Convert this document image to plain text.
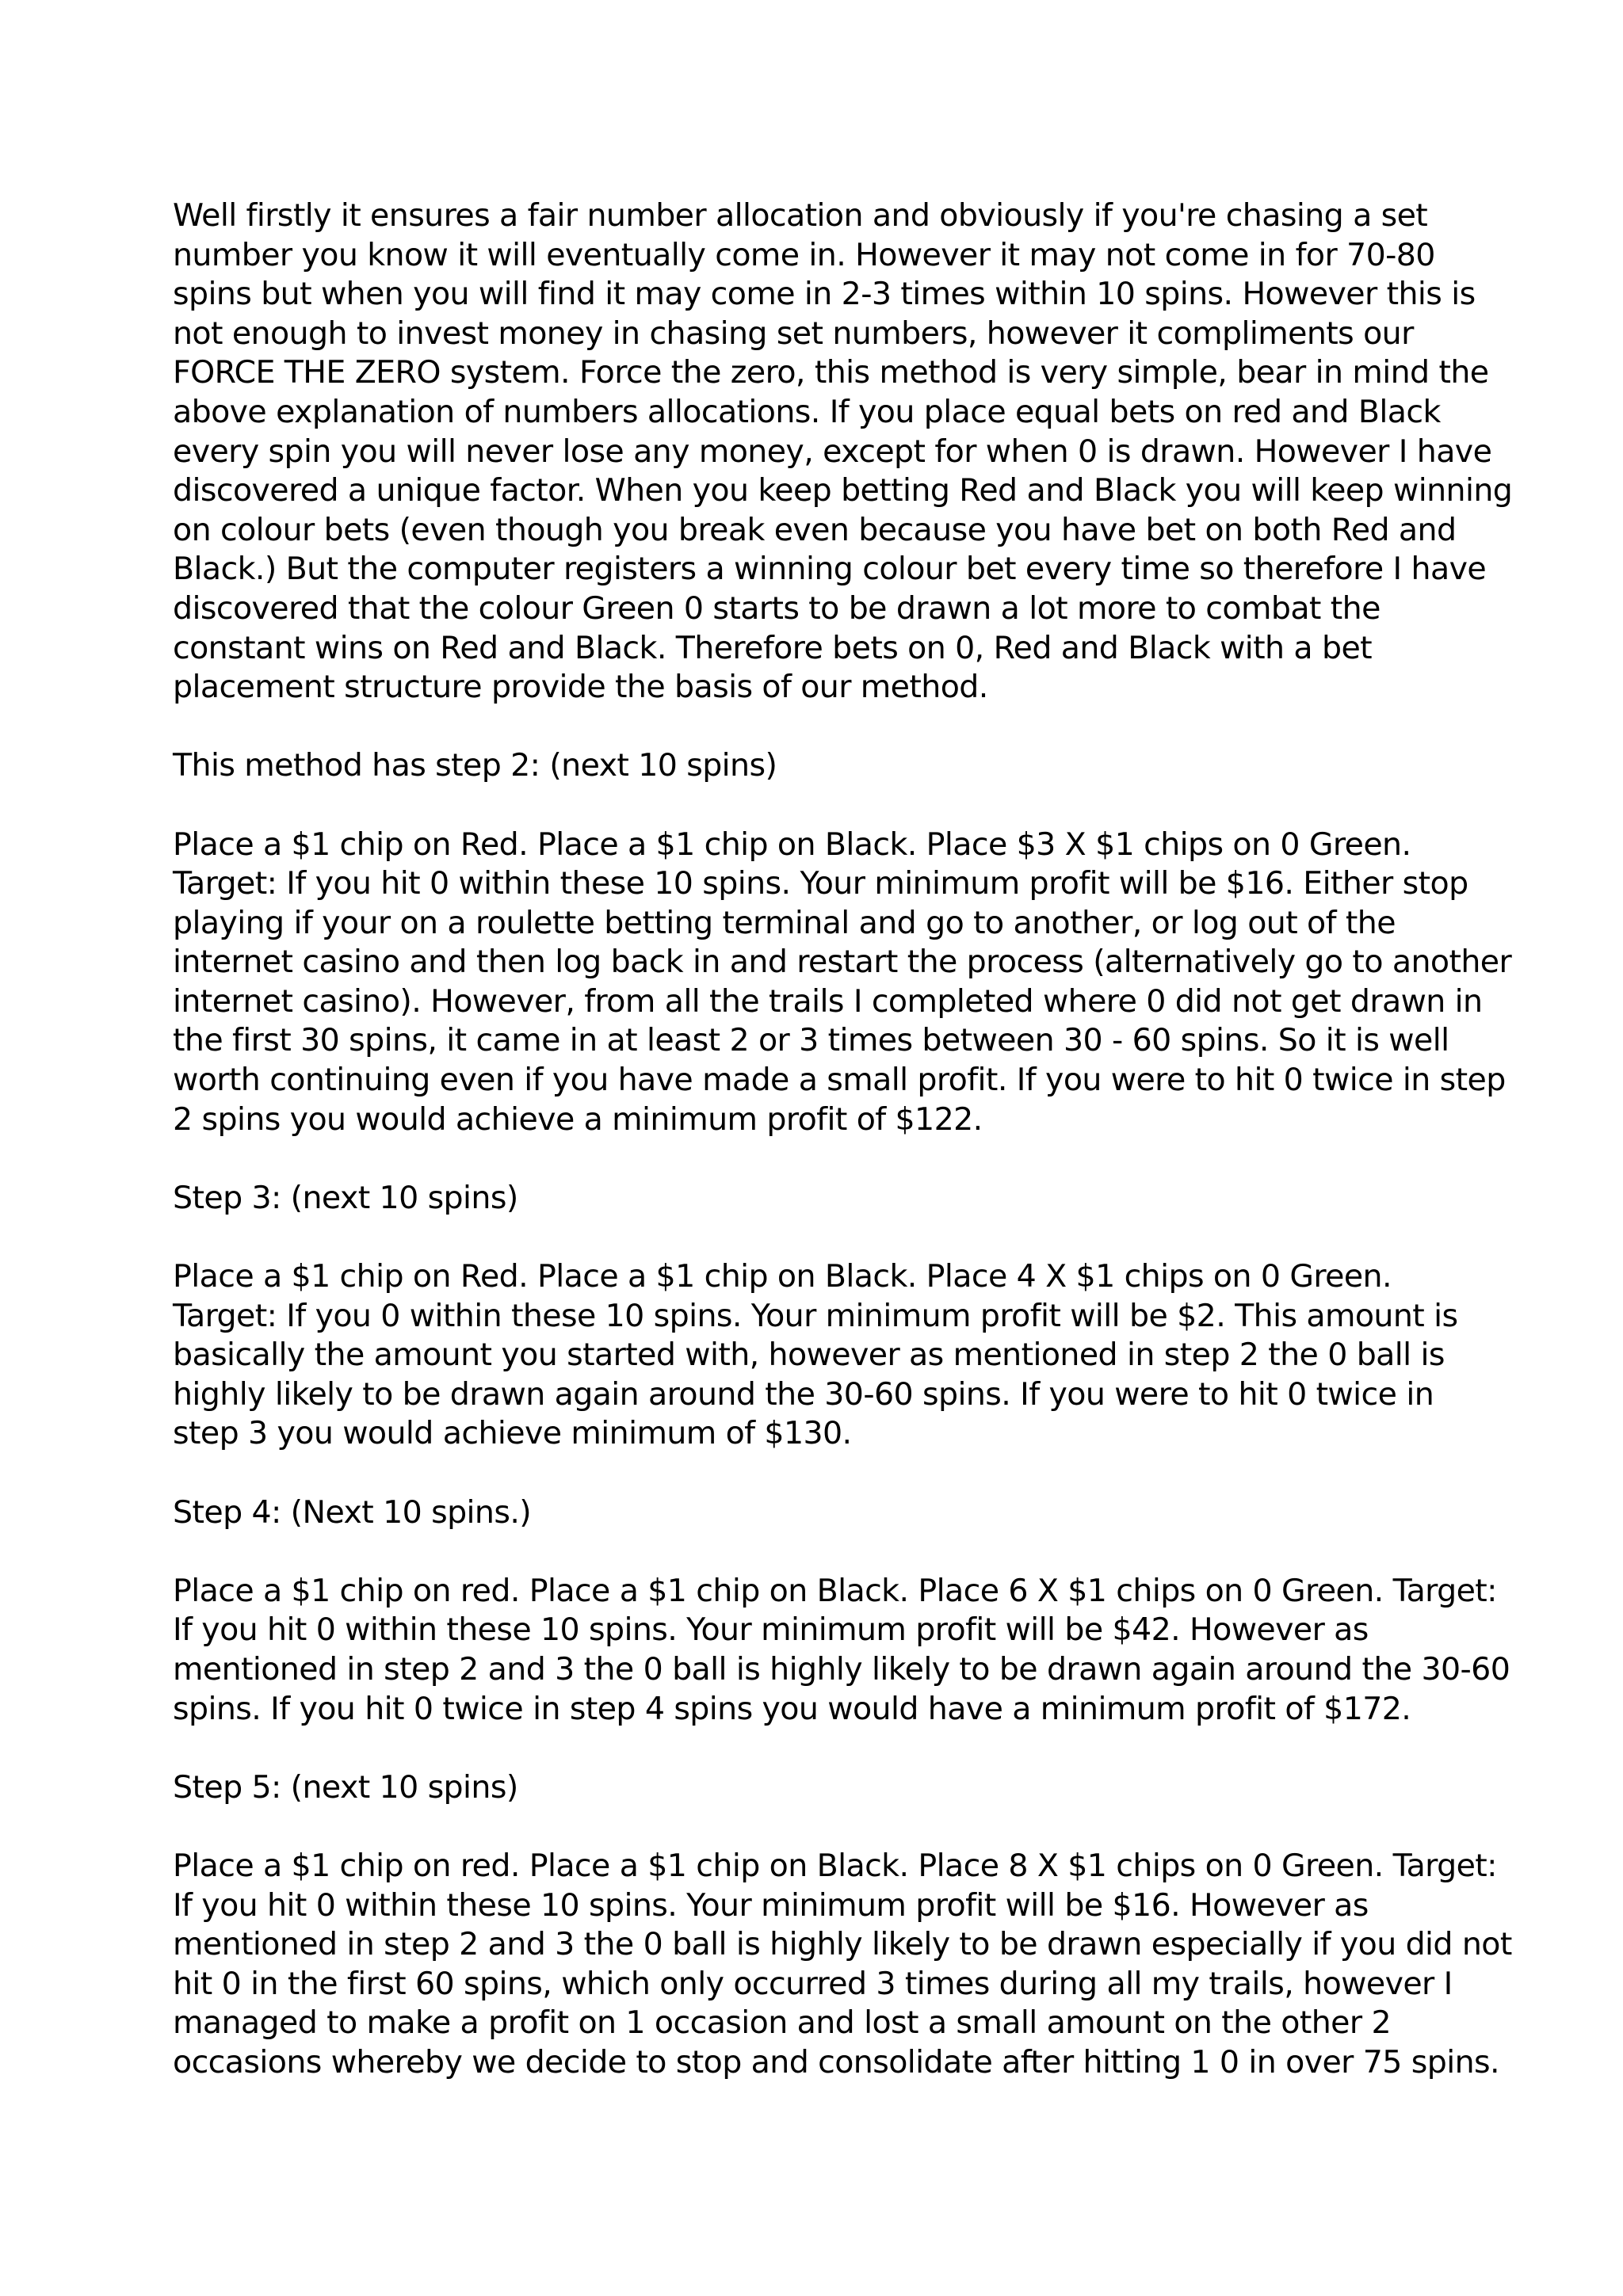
Well firstly it ensures a fair number allocation and obviously if you're chasing a set
number you know it will eventually come in. However it may not come in for 70-80
spins but when you will find it may come in 2-3 times within 10 spins. However this is
not enough to invest money in chasing set numbers, however it compliments our
FORCE THE ZERO system. Force the zero, this method is very simple, bear in mind the
above explanation of numbers allocations. If you place equal bets on red and Black
every spin you will never lose any money, except for when 0 is drawn. However I have
discovered a unique factor. When you keep betting Red and Black you will keep winning
on colour bets (even though you break even because you have bet on both Red and
Black.) But the computer registers a winning colour bet every time so therefore I have
discovered that the colour Green 0 starts to be drawn a lot more to combat the
constant wins on Red and Black. Therefore bets on 0, Red and Black with a bet
placement structure provide the basis of our method.
This method has step 2: (next 10 spins)
Place a $1 chip on Red. Place a $1 chip on Black. Place $3 X $1 chips on 0 Green.
Target: If you hit 0 within these 10 spins. Your minimum profit will be $16. Either stop
playing if your on a roulette betting terminal and go to another, or log out of the
internet casino and then log back in and restart the process (alternatively go to another
internet casino). However, from all the trails I completed where 0 did not get drawn in
the first 30 spins, it came in at least 2 or 3 times between 30 - 60 spins. So it is well
worth continuing even if you have made a small profit. If you were to hit 0 twice in step
2 spins you would achieve a minimum profit of $122.
Step 3: (next 10 spins)
Place a $1 chip on Red. Place a $1 chip on Black. Place 4 X $1 chips on 0 Green.
Target: If you 0 within these 10 spins. Your minimum profit will be $2. This amount is
basically the amount you started with, however as mentioned in step 2 the 0 ball is
highly likely to be drawn again around the 30-60 spins. If you were to hit 0 twice in
step 3 you would achieve minimum of $130.
Step 4: (Next 10 spins.)
Place a $1 chip on red. Place a $1 chip on Black. Place 6 X $1 chips on 0 Green. Target:
If you hit 0 within these 10 spins. Your minimum profit will be $42. However as
mentioned in step 2 and 3 the 0 ball is highly likely to be drawn again around the 30-60
spins. If you hit 0 twice in step 4 spins you would have a minimum profit of $172.
Step 5: (next 10 spins)
Place a $1 chip on red. Place a $1 chip on Black. Place 8 X $1 chips on 0 Green. Target:
If you hit 0 within these 10 spins. Your minimum profit will be $16. However as
mentioned in step 2 and 3 the 0 ball is highly likely to be drawn especially if you did not
hit 0 in the first 60 spins, which only occurred 3 times during all my trails, however I
managed to make a profit on 1 occasion and lost a small amount on the other 2
occasions whereby we decide to stop and consolidate after hitting 1 0 in over 75 spins.
